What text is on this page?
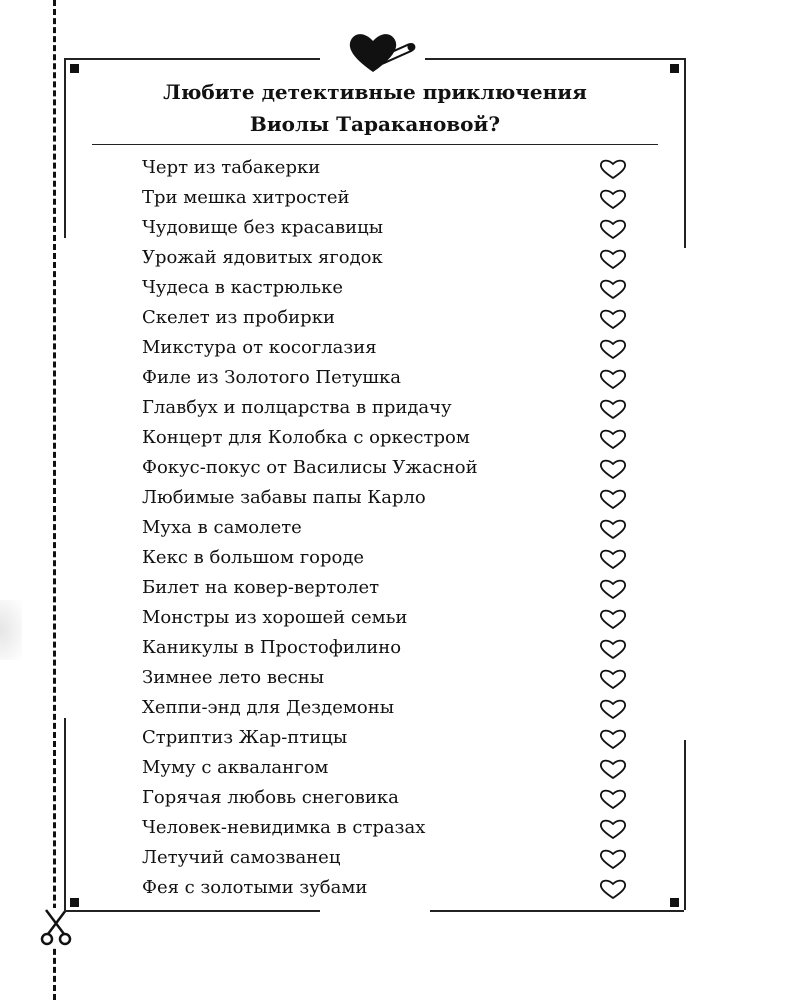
Любите детективные приключения
Виолы Таракановой?
Черт из табакерки
Три мешка хитростей
Чудовище без красавицы
Урожай ядовитых ягодок
Чудеса в кастрюльке
Скелет из пробирки
Микстура от косоглазия
Филе из Золотого Петушка
Главбух и полцарства в придачу
Концерт для Колобка с оркестром
Фокус-покус от Василисы Ужасной
Любимые забавы папы Карло
Муха в самолете
Кекс в большом городе
Билет на ковер-вертолет
Монстры из хорошей семьи
Каникулы в Простофилино
Зимнее лето весны
Хеппи-энд для Дездемоны
Стриптиз Жар-птицы
Муму с аквалангом
Горячая любовь снеговика
Человек-невидимка в стразах
Летучий самозванец
Фея с золотыми зубами
